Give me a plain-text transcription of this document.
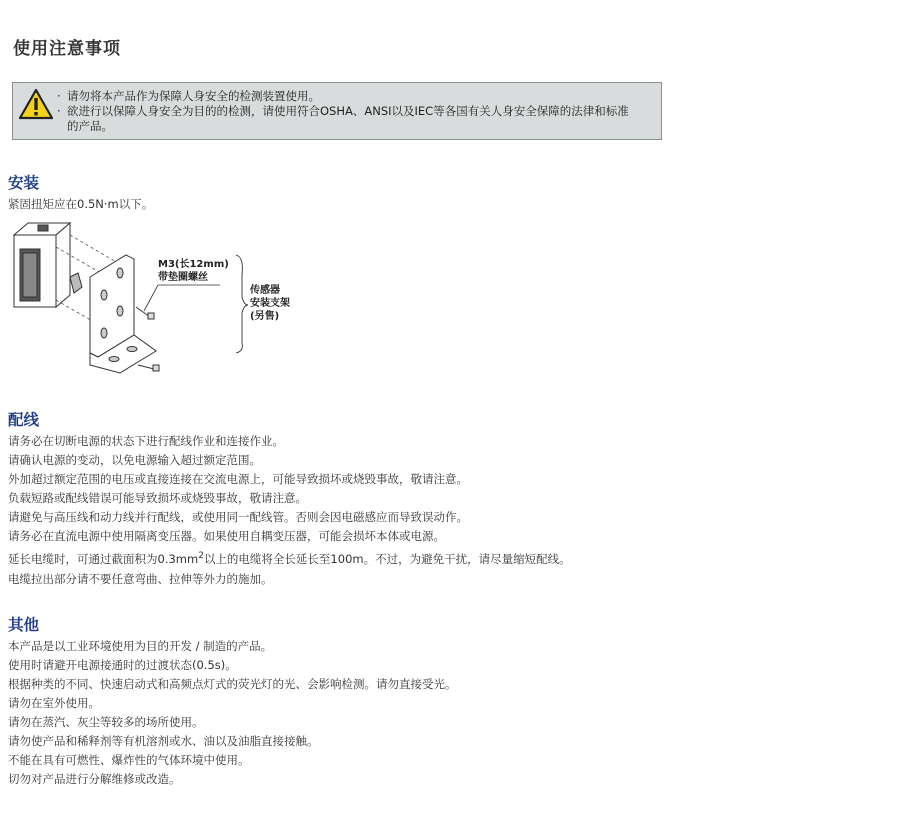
使用注意事项
· 请勿将本产品作为保障人身安全的检测装置使用。
· 欲进行以保障人身安全为目的的检测，请使用符合OSHA、ANSI以及IEC等各国有关人身安全保障的法律和标准
的产品。
安装
紧固扭矩应在0.5N·m以下。
M3(长12mm)
带垫圈螺丝
传感器
安装支架
(另售)
配线
请务必在切断电源的状态下进行配线作业和连接作业。
请确认电源的变动，以免电源输入超过额定范围。
外加超过额定范围的电压或直接连接在交流电源上，可能导致损坏或烧毁事故，敬请注意。
负载短路或配线错误可能导致损坏或烧毁事故，敬请注意。
请避免与高压线和动力线并行配线，或使用同一配线管。否则会因电磁感应而导致误动作。
请务必在直流电源中使用隔离变压器。如果使用自耦变压器，可能会损坏本体或电源。
延长电缆时，可通过截面积为$0.3mm^2$以上的电缆将全长延长至100m。不过，为避免干扰，请尽量缩短配线。
电缆拉出部分请不要任意弯曲、拉伸等外力的施加。
其他
本产品是以工业环境使用为目的开发 / 制造的产品。
使用时请避开电源接通时的过渡状态(0.5s)。
根据种类的不同、快速启动式和高频点灯式的荧光灯的光、会影响检测。请勿直接受光。
请勿在室外使用。
请勿在蒸汽、灰尘等较多的场所使用。
请勿使产品和稀释剂等有机溶剂或水、油以及油脂直接接触。
不能在具有可燃性、爆炸性的气体环境中使用。
切勿对产品进行分解维修或改造。
